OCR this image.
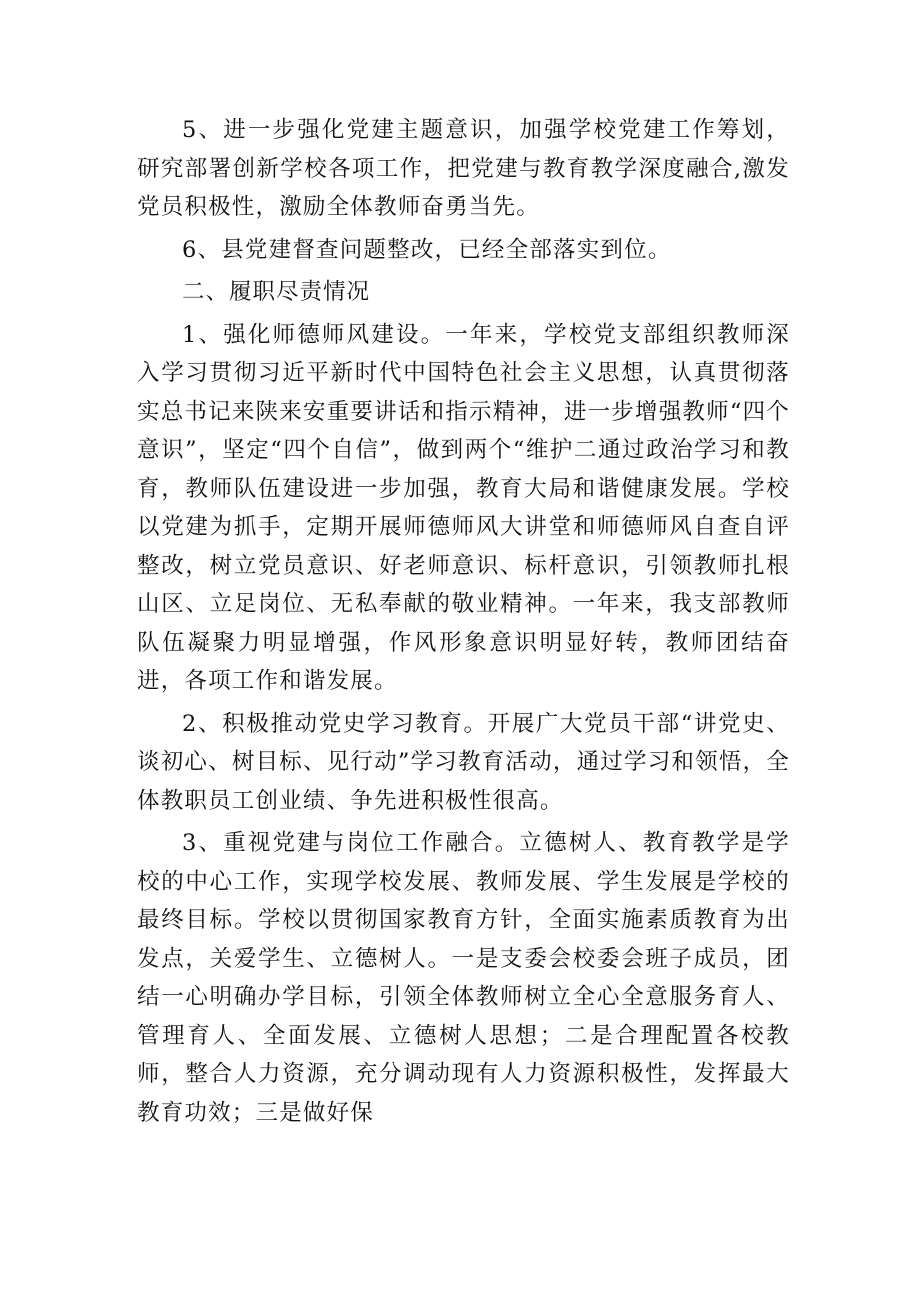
5、进一步强化党建主题意识，加强学校党建工作筹划，研究部署创新学校各项工作，把党建与教育教学深度融合,激发党员积极性，激励全体教师奋勇当先。

6、县党建督查问题整改，已经全部落实到位。

二、履职尽责情况

1、强化师德师风建设。一年来，学校党支部组织教师深入学习贯彻习近平新时代中国特色社会主义思想，认真贯彻落实总书记来陕来安重要讲话和指示精神，进一步增强教师“四个意识”，坚定“四个自信”，做到两个“维护二通过政治学习和教育，教师队伍建设进一步加强，教育大局和谐健康发展。学校以党建为抓手，定期开展师德师风大讲堂和师德师风自查自评整改，树立党员意识、好老师意识、标杆意识，引领教师扎根山区、立足岗位、无私奉献的敬业精神。一年来，我支部教师队伍凝聚力明显增强，作风形象意识明显好转，教师团结奋进，各项工作和谐发展。

2、积极推动党史学习教育。开展广大党员干部“讲党史、谈初心、树目标、见行动”学习教育活动，通过学习和领悟，全体教职员工创业绩、争先进积极性很高。

3、重视党建与岗位工作融合。立德树人、教育教学是学校的中心工作，实现学校发展、教师发展、学生发展是学校的最终目标。学校以贯彻国家教育方针，全面实施素质教育为出发点，关爱学生、立德树人。一是支委会校委会班子成员，团结一心明确办学目标，引领全体教师树立全心全意服务育人、管理育人、全面发展、立德树人思想；二是合理配置各校教师，整合人力资源，充分调动现有人力资源积极性，发挥最大教育功效；三是做好保
